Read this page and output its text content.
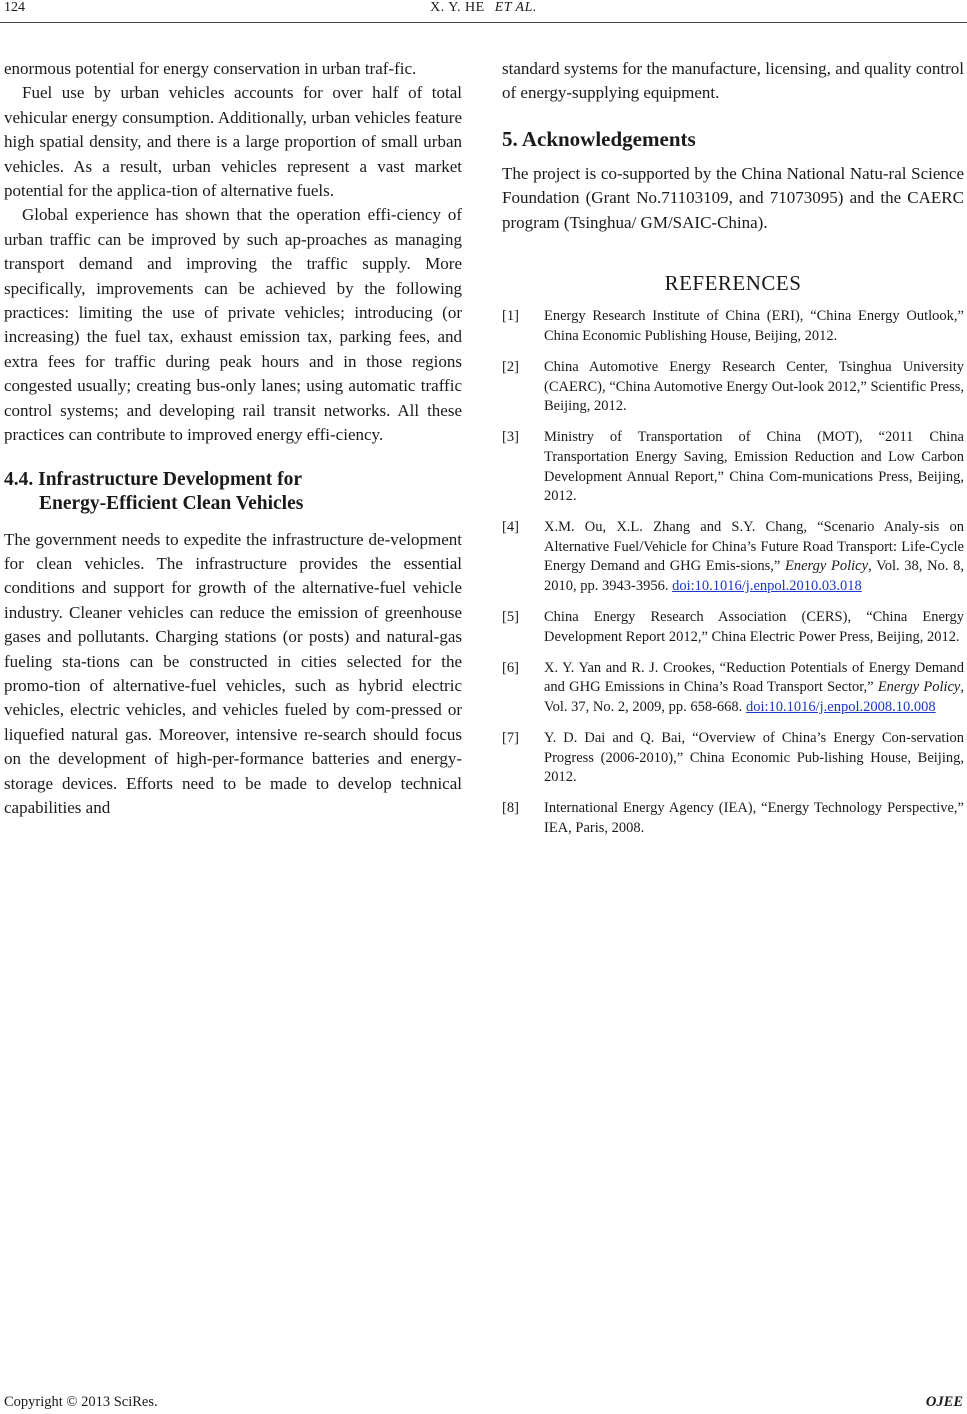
124	X. Y. HE ET AL.

enormous potential for energy conservation in urban traf-fic.

Fuel use by urban vehicles accounts for over half of total vehicular energy consumption. Additionally, urban vehicles feature high spatial density, and there is a large proportion of small urban vehicles. As a result, urban vehicles represent a vast market potential for the applica-tion of alternative fuels.

Global experience has shown that the operation effi-ciency of urban traffic can be improved by such ap-proaches as managing transport demand and improving the traffic supply. More specifically, improvements can be achieved by the following practices: limiting the use of private vehicles; introducing (or increasing) the fuel tax, exhaust emission tax, parking fees, and extra fees for traffic during peak hours and in those regions congested usually; creating bus-only lanes; using automatic traffic control systems; and developing rail transit networks. All these practices can contribute to improved energy effi-ciency.

4.4. Infrastructure Development for
Energy-Efficient Clean Vehicles

The government needs to expedite the infrastructure de-velopment for clean vehicles. The infrastructure provides the essential conditions and support for growth of the alternative-fuel vehicle industry. Cleaner vehicles can reduce the emission of greenhouse gases and pollutants. Charging stations (or posts) and natural-gas fueling sta-tions can be constructed in cities selected for the promo-tion of alternative-fuel vehicles, such as hybrid electric vehicles, electric vehicles, and vehicles fueled by com-pressed or liquefied natural gas. Moreover, intensive re-search should focus on the development of high-per-formance batteries and energy-storage devices. Efforts need to be made to develop technical capabilities and

standard systems for the manufacture, licensing, and quality control of energy-supplying equipment.

5. Acknowledgements

The project is co-supported by the China National Natu-ral Science Foundation (Grant No.71103109, and 71073095) and the CAERC program (Tsinghua/ GM/SAIC-China).

REFERENCES
[1]	Energy Research Institute of China (ERI), “China Energy Outlook,” China Economic Publishing House, Beijing, 2012.
[2]	China Automotive Energy Research Center, Tsinghua University (CAERC), “China Automotive Energy Out-look 2012,” Scientific Press, Beijing, 2012.
[3]	Ministry of Transportation of China (MOT), “2011 China Transportation Energy Saving, Emission Reduction and Low Carbon Development Annual Report,” China Com-munications Press, Beijing, 2012.
[4]	X.M. Ou, X.L. Zhang and S.Y. Chang, “Scenario Analy-sis on Alternative Fuel/Vehicle for China’s Future Road Transport: Life-Cycle Energy Demand and GHG Emis-sions,” Energy Policy, Vol. 38, No. 8, 2010, pp. 3943-3956. doi:10.1016/j.enpol.2010.03.018
[5]	China Energy Research Association (CERS), “China Energy Development Report 2012,” China Electric Power Press, Beijing, 2012.
[6]	X. Y. Yan and R. J. Crookes, “Reduction Potentials of Energy Demand and GHG Emissions in China’s Road Transport Sector,” Energy Policy, Vol. 37, No. 2, 2009, pp. 658-668. doi:10.1016/j.enpol.2008.10.008
[7]	Y. D. Dai and Q. Bai, “Overview of China’s Energy Con-servation Progress (2006-2010),” China Economic Pub-lishing House, Beijing, 2012.
[8]	International Energy Agency (IEA), “Energy Technology Perspective,” IEA, Paris, 2008.
Copyright © 2013 SciRes.	OJEE
